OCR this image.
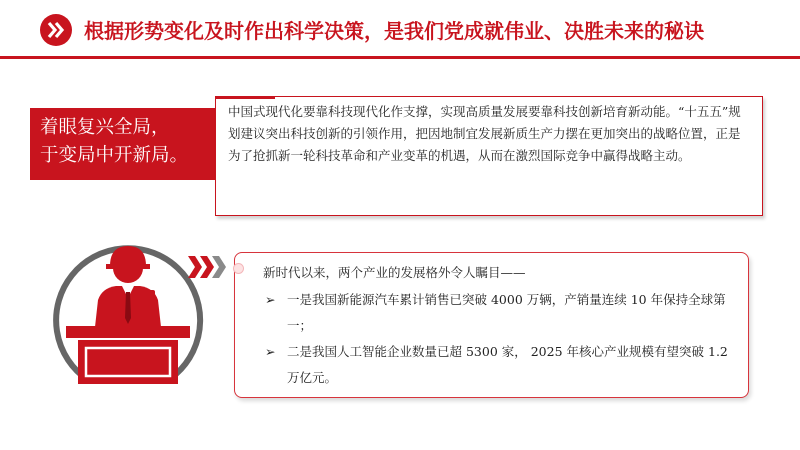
根据形势变化及时作出科学决策，是我们党成就伟业、决胜未来的秘诀
着眼复兴全局，
于变局中开新局。
中国式现代化要靠科技现代化作支撑，实现高质量发展要靠科技创新培育新动能。“十五五”规划建议突出科技创新的引领作用，把因地制宜发展新质生产力摆在更加突出的战略位置，正是为了抢抓新一轮科技革命和产业变革的机遇，从而在激烈国际竞争中赢得战略主动。
新时代以来，两个产业的发展格外令人瞩目——
➢ 一是我国新能源汽车累计销售已突破 4000 万辆，产销量连续 10 年保持全球第一；
➢ 二是我国人工智能企业数量已超 5300 家， 2025 年核心产业规模有望突破 1.2 万亿元。
